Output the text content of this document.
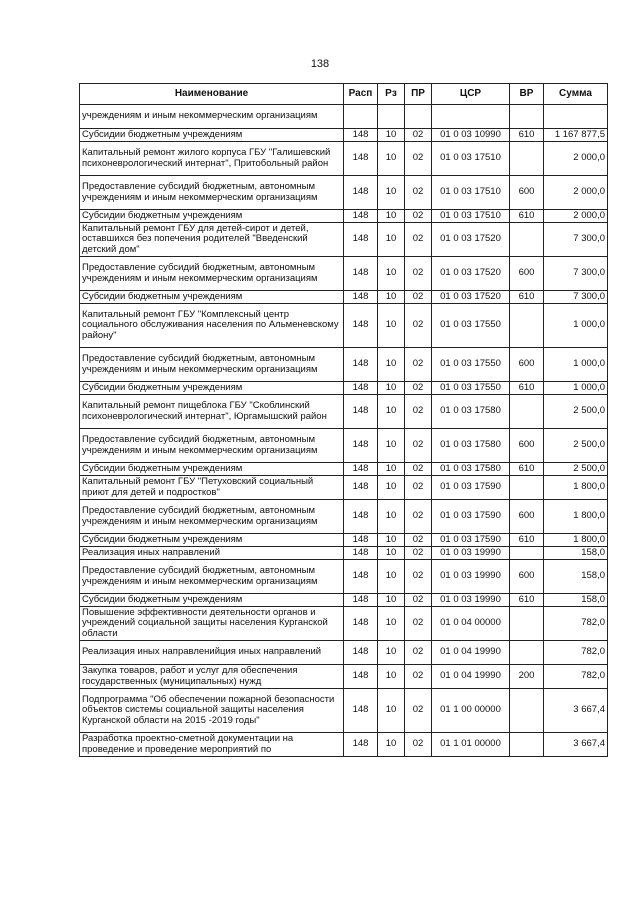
138
Наименование	Расп	Рз	ПР	ЦСР	ВР	Сумма
учреждениям и иным некоммерческим организациям						
Субсидии бюджетным учреждениям	148	10	02	01 0 03 10990	610	1 167 877,5
Капитальный ремонт жилого корпуса ГБУ "Галишевский психоневрологический интернат", Притобольный район	148	10	02	01 0 03 17510		2 000,0
Предоставление субсидий бюджетным, автономным учреждениям и иным некоммерческим организациям	148	10	02	01 0 03 17510	600	2 000,0
Субсидии бюджетным учреждениям	148	10	02	01 0 03 17510	610	2 000,0
Капитальный ремонт ГБУ для детей-сирот и детей, оставшихся без попечения родителей "Введенский детский дом"	148	10	02	01 0 03 17520		7 300,0
Предоставление субсидий бюджетным, автономным учреждениям и иным некоммерческим организациям	148	10	02	01 0 03 17520	600	7 300,0
Субсидии бюджетным учреждениям	148	10	02	01 0 03 17520	610	7 300,0
Капитальный ремонт ГБУ "Комплексный центр социального обслуживания населения по Альменевскому району"	148	10	02	01 0 03 17550		1 000,0
Предоставление субсидий бюджетным, автономным учреждениям и иным некоммерческим организациям	148	10	02	01 0 03 17550	600	1 000,0
Субсидии бюджетным учреждениям	148	10	02	01 0 03 17550	610	1 000,0
Капитальный ремонт пищеблока ГБУ "Скоблинский психоневрологический интернат", Юргамышский район	148	10	02	01 0 03 17580		2 500,0
Предоставление субсидий бюджетным, автономным учреждениям и иным некоммерческим организациям	148	10	02	01 0 03 17580	600	2 500,0
Субсидии бюджетным учреждениям	148	10	02	01 0 03 17580	610	2 500,0
Капитальный ремонт ГБУ "Петуховский социальный приют для детей и подростков"	148	10	02	01 0 03 17590		1 800,0
Предоставление субсидий бюджетным, автономным учреждениям и иным некоммерческим организациям	148	10	02	01 0 03 17590	600	1 800,0
Субсидии бюджетным учреждениям	148	10	02	01 0 03 17590	610	1 800,0
Реализация иных направлений	148	10	02	01 0 03 19990		158,0
Предоставление субсидий бюджетным, автономным учреждениям и иным некоммерческим организациям	148	10	02	01 0 03 19990	600	158,0
Субсидии бюджетным учреждениям	148	10	02	01 0 03 19990	610	158,0
Повышение эффективности деятельности органов и учреждений социальной защиты населения Курганской области	148	10	02	01 0 04 00000		782,0
Реализация иных направленийция иных направлений	148	10	02	01 0 04 19990		782,0
Закупка товаров, работ и услуг для обеспечения государственных (муниципальных) нужд	148	10	02	01 0 04 19990	200	782,0
Подпрограмма "Об обеспечении пожарной безопасности объектов системы социальной защиты населения Курганской области на 2015 -2019 годы"	148	10	02	01 1 00 00000		3 667,4
Разработка проектно-сметной документации на проведение и проведение мероприятий по	148	10	02	01 1 01 00000		3 667,4
